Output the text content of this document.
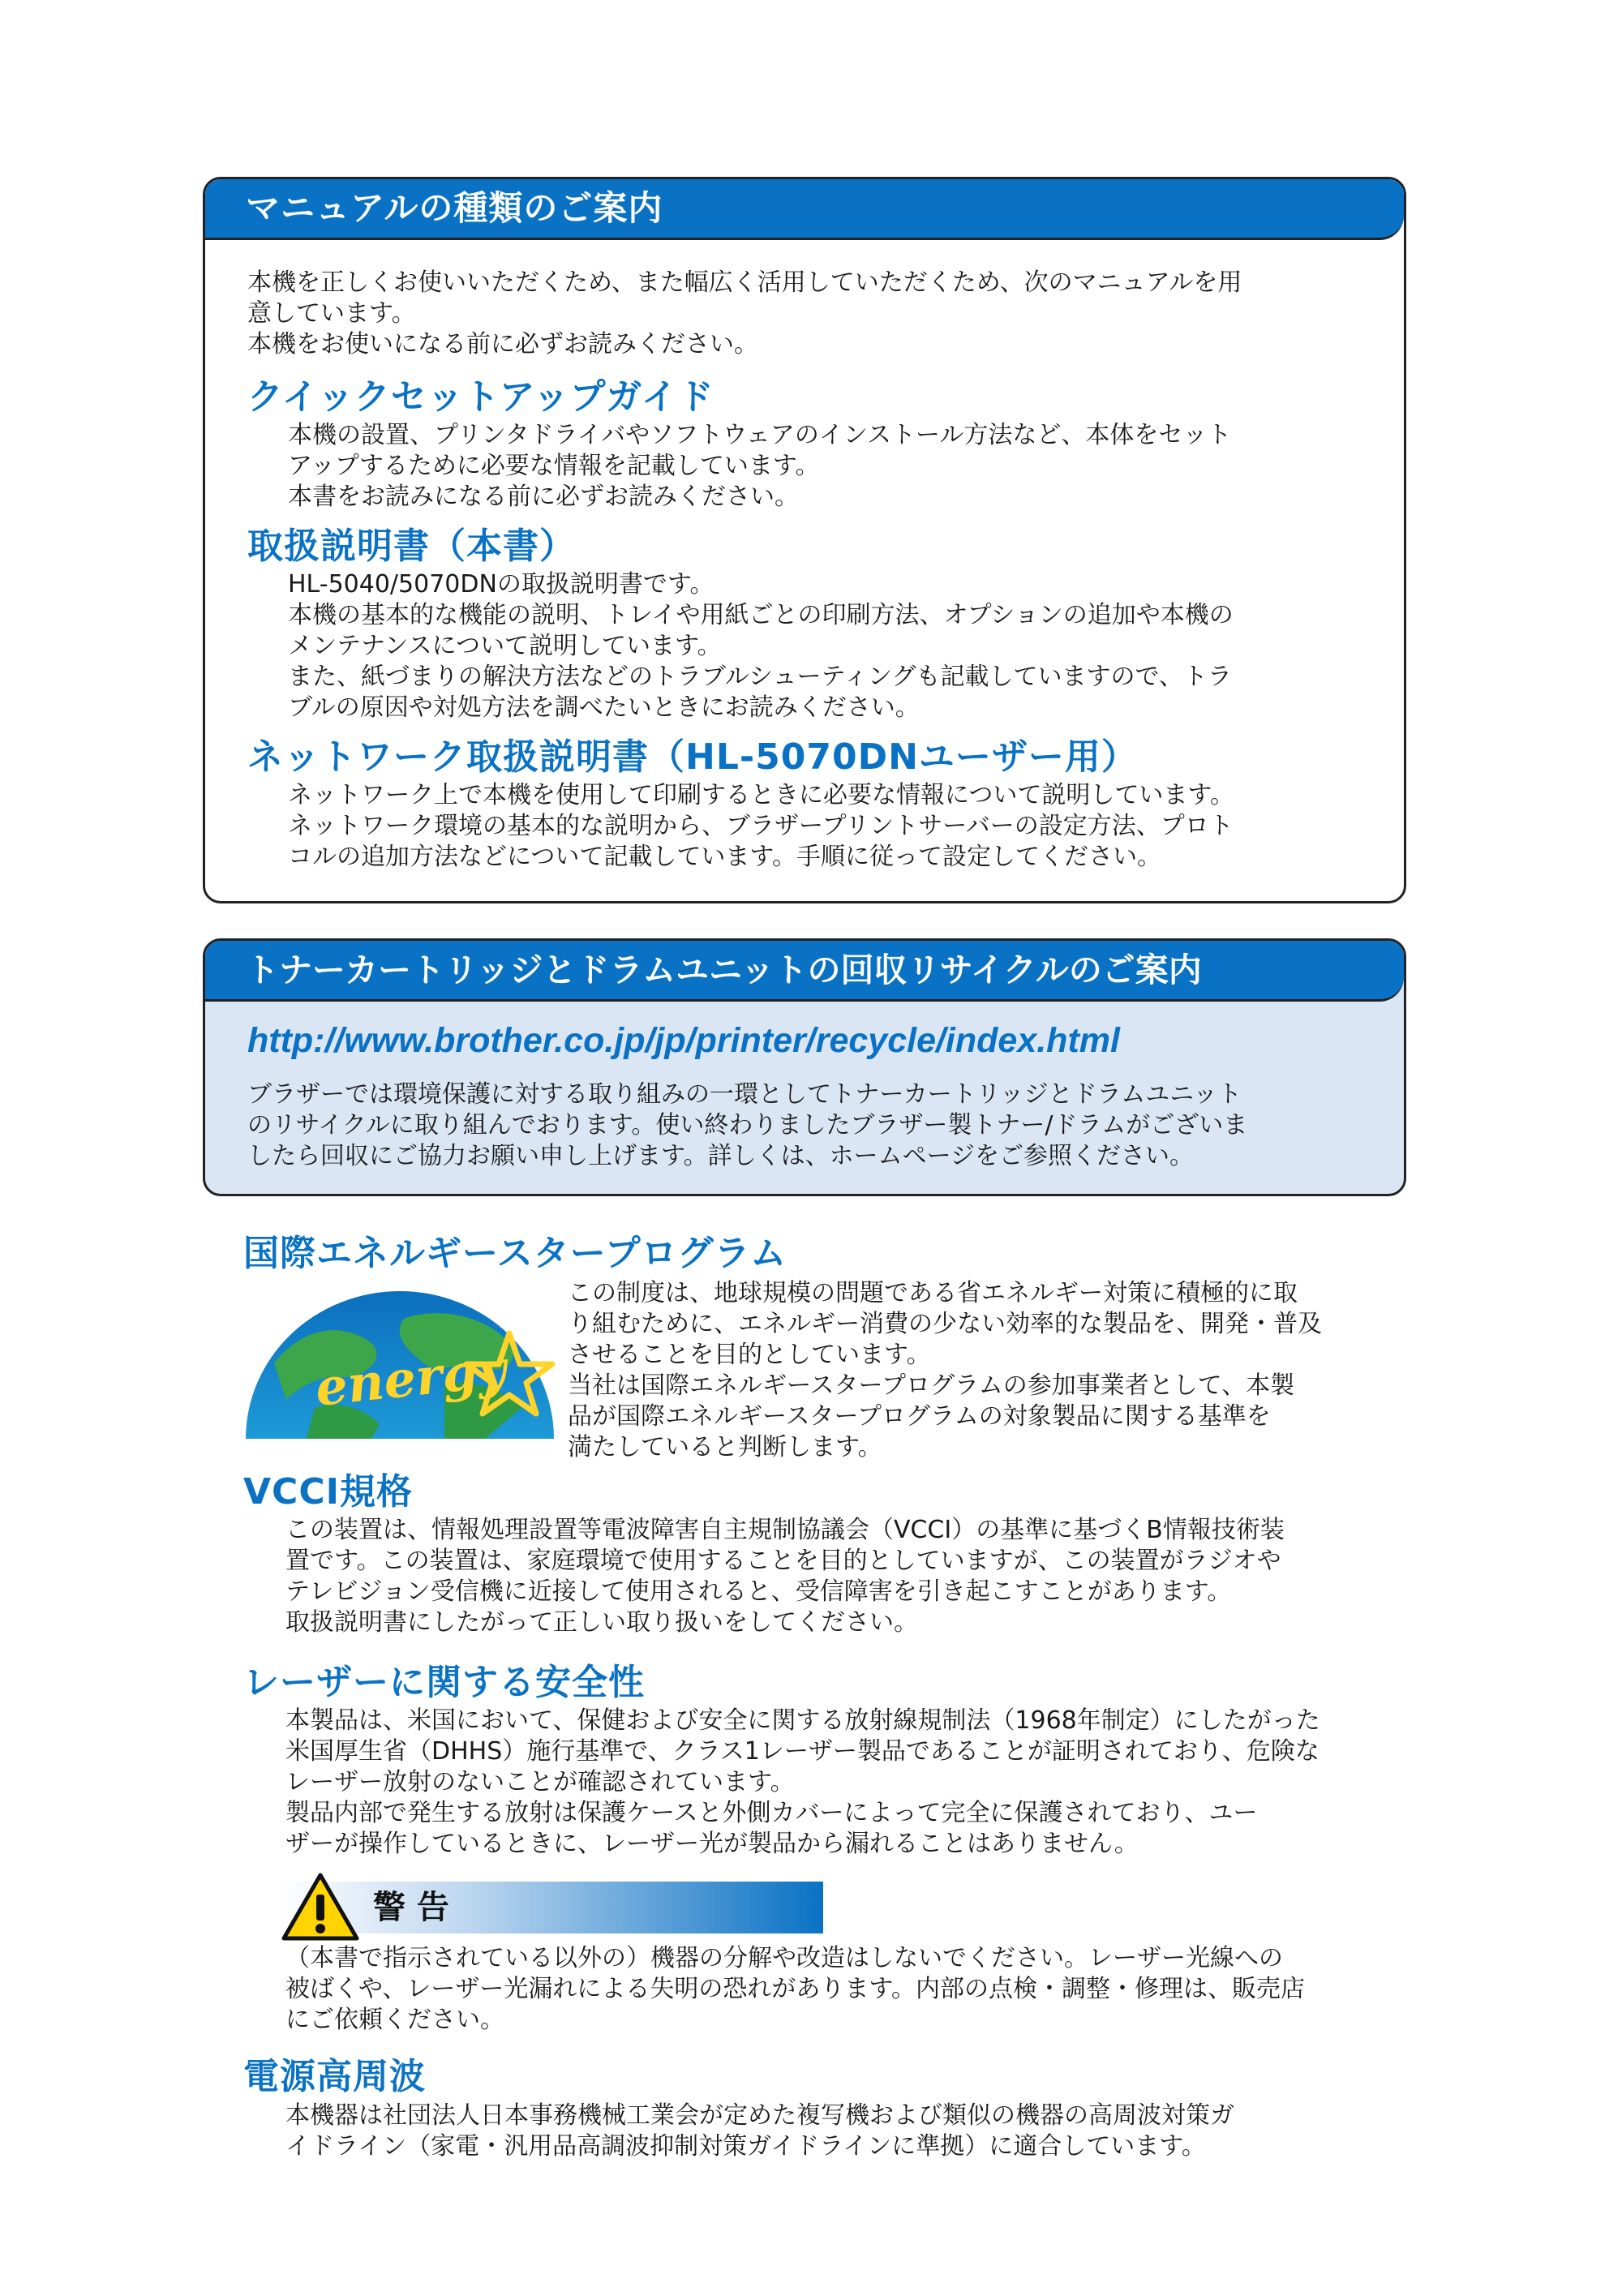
マニュアルの種類のご案内

本機を正しくお使いいただくため、また幅広く活用していただくため、次のマニュアルを用
意しています。
本機をお使いになる前に必ずお読みください。

クイックセットアップガイド

本機の設置、プリンタドライバやソフトウェアのインストール方法など、本体をセット
アップするために必要な情報を記載しています。
本書をお読みになる前に必ずお読みください。

取扱説明書（本書）

HL-5040/5070DNの取扱説明書です。
本機の基本的な機能の説明、トレイや用紙ごとの印刷方法、オプションの追加や本機の
メンテナンスについて説明しています。
また、紙づまりの解決方法などのトラブルシューティングも記載していますので、トラ
ブルの原因や対処方法を調べたいときにお読みください。

ネットワーク取扱説明書（HL-5070DNユーザー用）

ネットワーク上で本機を使用して印刷するときに必要な情報について説明しています。
ネットワーク環境の基本的な説明から、ブラザープリントサーバーの設定方法、プロト
コルの追加方法などについて記載しています。手順に従って設定してください。

トナーカートリッジとドラムユニットの回収リサイクルのご案内
http://www.brother.co.jp/jp/printer/recycle/index.html

ブラザーでは環境保護に対する取り組みの一環としてトナーカートリッジとドラムユニット
のリサイクルに取り組んでおります。使い終わりましたブラザー製トナー/ドラムがございま
したら回収にご協力お願い申し上げます。詳しくは、ホームページをご参照ください。

国際エネルギースタープログラム
energy

この制度は、地球規模の問題である省エネルギー対策に積極的に取
り組むために、エネルギー消費の少ない効率的な製品を、開発・普及
させることを目的としています。
当社は国際エネルギースタープログラムの参加事業者として、本製
品が国際エネルギースタープログラムの対象製品に関する基準を
満たしていると判断します。

VCCI規格

この装置は、情報処理設置等電波障害自主規制協議会（VCCI）の基準に基づくB情報技術装
置です。この装置は、家庭環境で使用することを目的としていますが、この装置がラジオや
テレビジョン受信機に近接して使用されると、受信障害を引き起こすことがあります。
取扱説明書にしたがって正しい取り扱いをしてください。

レーザーに関する安全性

本製品は、米国において、保健および安全に関する放射線規制法（1968年制定）にしたがった
米国厚生省（DHHS）施行基準で、クラス1レーザー製品であることが証明されており、危険な
レーザー放射のないことが確認されています。
製品内部で発生する放射は保護ケースと外側カバーによって完全に保護されており、ユー
ザーが操作しているときに、レーザー光が製品から漏れることはありません。

警 告

（本書で指示されている以外の）機器の分解や改造はしないでください。レーザー光線への
被ばくや、レーザー光漏れによる失明の恐れがあります。内部の点検・調整・修理は、販売店
にご依頼ください。

電源高周波

本機器は社団法人日本事務機械工業会が定めた複写機および類似の機器の高周波対策ガ
イドライン（家電・汎用品高調波抑制対策ガイドラインに準拠）に適合しています。
